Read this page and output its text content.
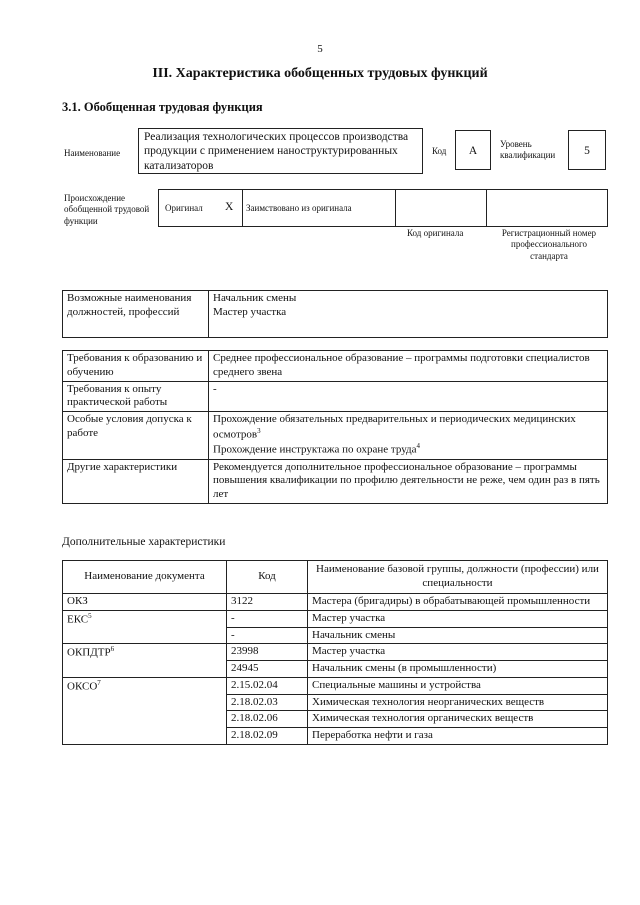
5
III. Характеристика обобщенных трудовых функций
3.1. Обобщенная трудовая функция
Наименование
Реализация технологических процессов производства продукции с применением наноструктурированных катализаторов
Код	А
Уровень квалификации	5
Происхождение обобщенной трудовой функции
Оригинал X Заимствовано из оригинала
Код оригинала	Регистрационный номер профессионального стандарта
Возможные наименования должностей, профессий	
Начальник смены
Мастер участка
Требования к образованию и обучению	Среднее профессиональное образование – программы подготовки специалистов среднего звена
Требования к опыту практической работы	-
Особые условия допуска к работе	Прохождение обязательных предварительных и периодических медицинских осмотров$^3$
Прохождение инструктажа по охране труда$^4$

Другие характеристики	Рекомендуется дополнительное профессиональное образование – программы повышения квалификации по профилю деятельности не реже, чем один раз в пять лет
Дополнительные характеристики
Наименование документа	Код	Наименование базовой группы, должности (профессии) или специальности
ОКЗ	3122	Мастера (бригадиры) в обрабатывающей промышленности
ЕКС$^5$	-	Мастер участка
	-	Начальник смены
ОКПДТР$^6$	23998	Мастер участка
	24945	Начальник смены (в промышленности)
ОКСО$^7$	2.15.02.04	Специальные машины и устройства
	2.18.02.03	Химическая технология неорганических веществ
	2.18.02.06	Химическая технология органических веществ
	2.18.02.09	Переработка нефти и газа
